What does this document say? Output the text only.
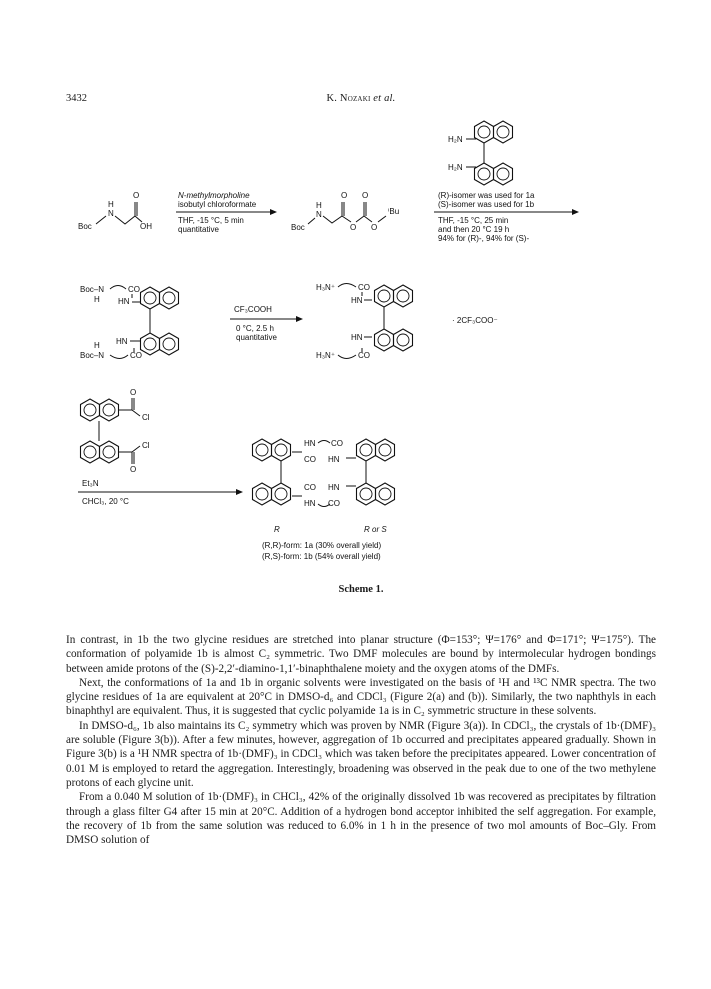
3432	K. Nozaki et al.
H
N
O
OH
Boc
N-methylmorpholine
isobutyl chloroformate
THF, -15 °C, 5 min
quantitative
H
N
Boc
O O
O O
ⁱBu
H₂N
H₂N
(R)-isomer was used for 1a
(S)-isomer was used for 1b
THF, -15 °C, 25 min
and then 20 °C 19 h
94% for (R)-, 94% for (S)-
Boc–N	CO
H HN
HN
H
Boc–N	CO
CF₃COOH
0 °C, 2.5 h
quantitative
H₃N⁺	CO
HN
HN
H₃N⁺	CO
· 2CF₃COO⁻
O
Cl
Cl
O
Et₃N
CHCl₃, 20 °C
HN CO
CO HN
CO HN
HN CO
R	R or S
(R,R)-form: 1a (30% overall yield)
(R,S)-form: 1b (54% overall yield)
Scheme 1.

In contrast, in 1b the two glycine residues are stretched into planar structure (Φ=153°; Ψ=176° and Φ=171°; Ψ=175°). The conformation of polyamide 1b is almost C₂ symmetric. Two DMF molecules are bound by intermolecular hydrogen bondings between amide protons of the (S)-2,2′-diamino-1,1′-binaphthalene moiety and the oxygen atoms of the DMFs.

Next, the conformations of 1a and 1b in organic solvents were investigated on the basis of ¹H and ¹³C NMR spectra. The two glycine residues of 1a are equivalent at 20°C in DMSO-d₆ and CDCl₃ (Figure 2(a) and (b)). Similarly, the two naphthyls in each binaphthyl are equivalent. Thus, it is suggested that cyclic polyamide 1a is in C₂ symmetric structure in these solvents.

In DMSO-d₆, 1b also maintains its C₂ symmetry which was proven by NMR (Figure 3(a)). In CDCl₃, the crystals of 1b·(DMF)₃ are soluble (Figure 3(b)). After a few minutes, however, aggregation of 1b occurred and precipitates appeared gradually. Shown in Figure 3(b) is a ¹H NMR spectra of 1b·(DMF)₃ in CDCl₃ which was taken before the precipitates appeared. Lower concentration of 0.01 M is employed to retard the aggregation. Interestingly, broadening was observed in the peak due to one of the two methylene protons of each glycine unit.

From a 0.040 M solution of 1b·(DMF)₃ in CHCl₃, 42% of the originally dissolved 1b was recovered as precipitates by filtration through a glass filter G4 after 15 min at 20°C. Addition of a hydrogen bond acceptor inhibited the self aggregation. For example, the recovery of 1b from the same solution was reduced to 6.0% in 1 h in the presence of two mol amounts of Boc–Gly. From DMSO solution of
